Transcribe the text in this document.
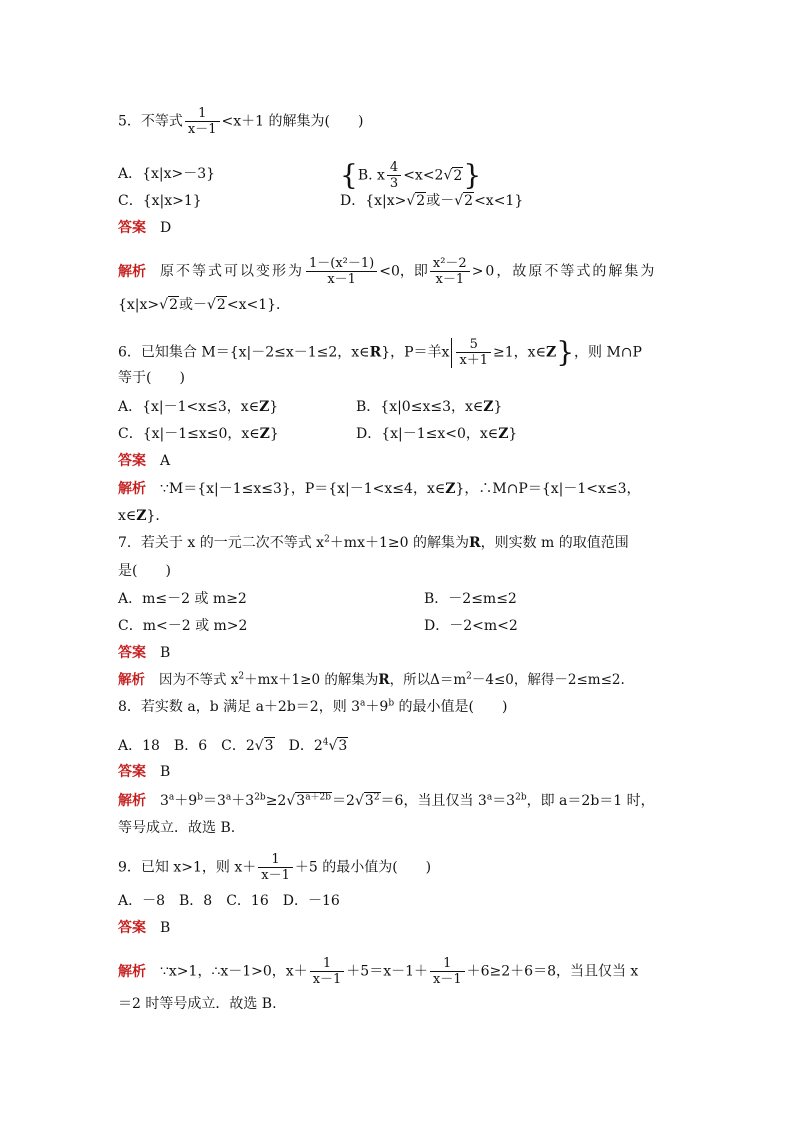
5．不等式 $\frac{1}{x-1} <x+1$ 的解集为(　　)
A．{x|x>－3}	{B. x $\frac{4}{3} <x<2√2$}
C．{x|x>1}	D．{x|x>√2或－√2<x<1}
答案 D
解析 原不等式可以变形为 $\frac{\text{1－(x²－1)}}{x-1} <0$，即 $\frac{\text{x²－2}}{x-1} >0$，故原不等式的解集为
{x|x>√2或－√2<x<1}．
6．已知集合 M＝{x|－2≤x－1≤2，x∈R}，P＝羊x $\frac{5}{x+1} \ge 1$，x∈Z}，则 M∩P
等于(　　)
A．{x|－1<x≤3，x∈Z}	B．{x|0≤x≤3，x∈Z}
C．{x|－1≤x≤0，x∈Z}	D．{x|－1≤x<0，x∈Z}
答案 A
解析 ∵M＝{x|－1≤x≤3}，P＝{x|－1<x≤4，x∈Z}，∴M∩P＝{x|－1<x≤3，
x∈Z}．
7．若关于 x 的一元二次不等式 $x^2+mx+1\ge 0$ 的解集为R，则实数 m 的取值范围
是(　　)
A．m≤－2 或 m≥2	B．－2≤m≤2
C．m<－2 或 m>2	D．－2<m<2
答案 B
解析 因为不等式 $x^2+mx+1\ge 0$ 的解集为R，所以$\Delta=m^2-4\le 0$，解得－2≤m≤2.
8．若实数 a，b 满足 a＋2b＝2，则 $3^a+9^b$ 的最小值是(　　)
A．18　B．6　C．2√3　D．$2^4√3$
答案 B
解析 $3^a+9^b=3^a+3^{2b}\ge 2√3^{a+2b}=2√3^2=6$，当且仅当 $3^a=3^{2b}$，即 a＝2b＝1 时，
等号成立．故选 B.
9．已知 x>1，则 $x+ \frac{1}{x-1} +5$ 的最小值为(　　)
A．－8　B．8　C．16　D．－16
答案 B
解析 ∵x>1，∴x－1>0，$x+ \frac{1}{x-1} +5=x-1+ \frac{1}{x-1} +6\ge 2+6=8$，当且仅当 x
＝2 时等号成立．故选 B.
